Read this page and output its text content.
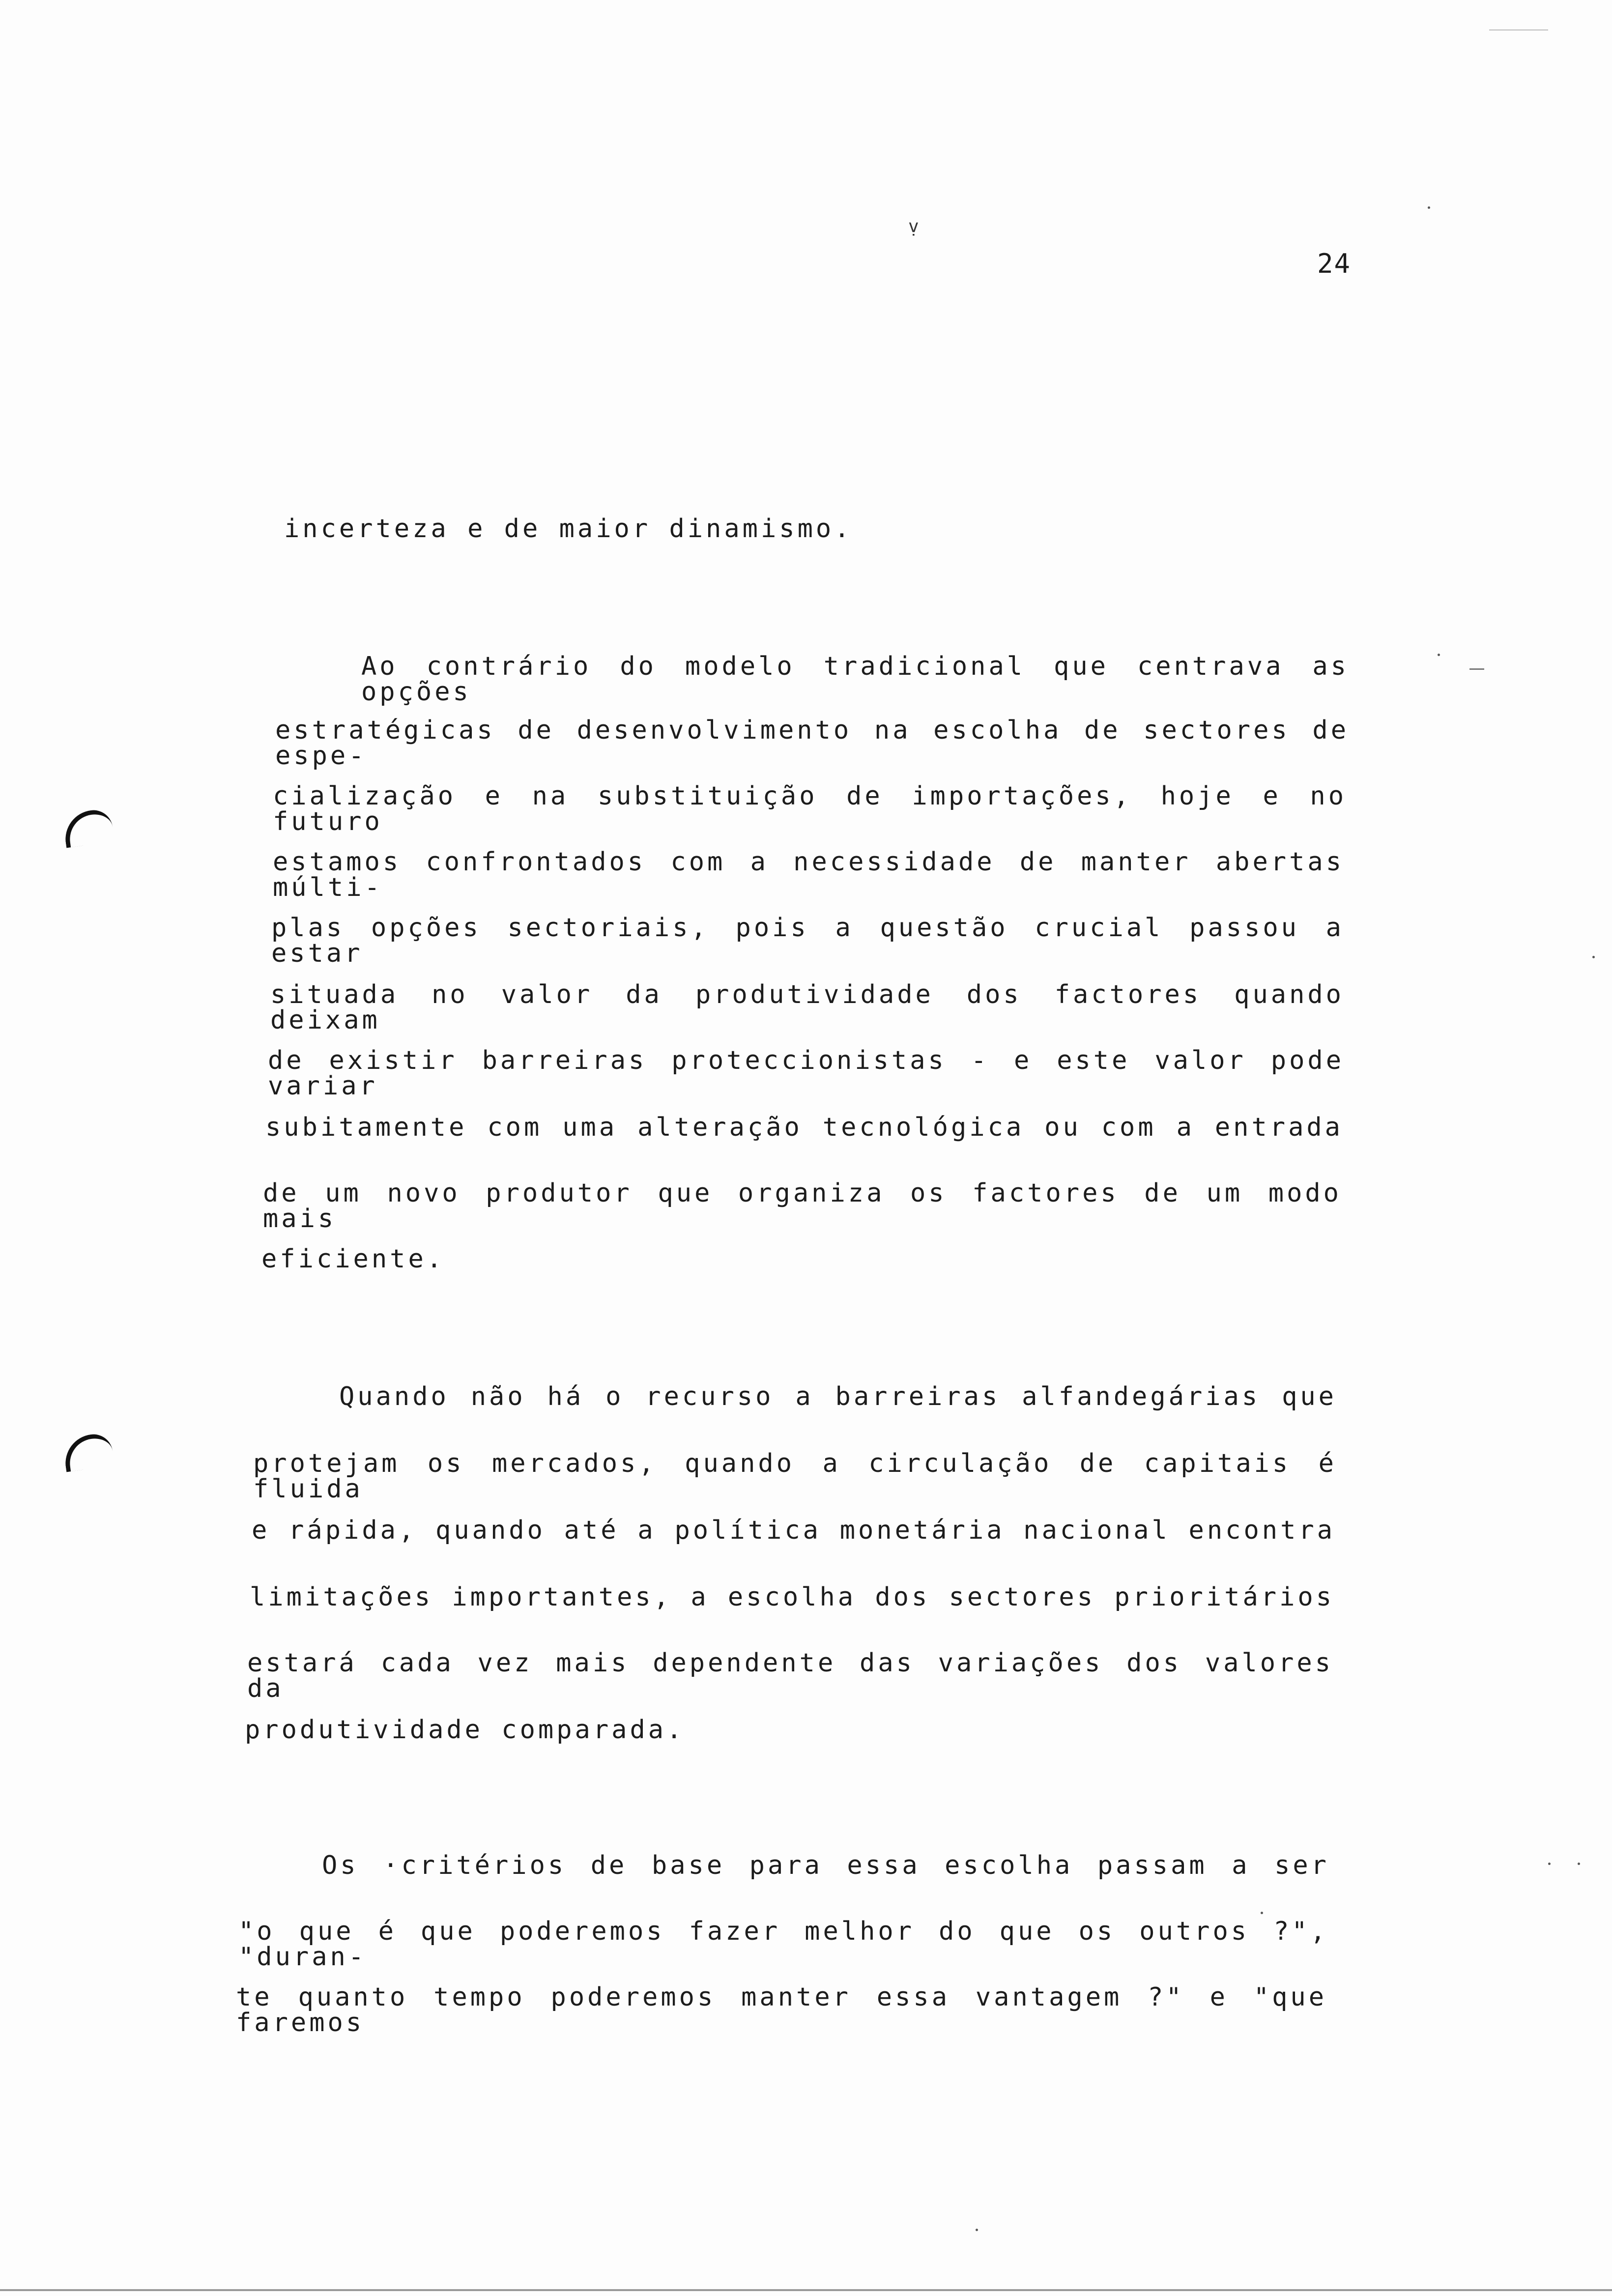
ṿ
24
incerteza e de maior dinamismo.
Ao contrário do modelo tradicional que centrava as opções
estratégicas de desenvolvimento na escolha de sectores de espe-
cialização e na substituição de importações, hoje e no futuro
estamos confrontados com a necessidade de manter abertas múlti-
plas opções sectoriais, pois a questão crucial passou a estar
situada no valor da produtividade dos factores quando deixam
de existir barreiras proteccionistas - e este valor pode variar
subitamente com uma alteração tecnológica ou com a entrada
de um novo produtor que organiza os factores de um modo mais
eficiente.
Quando não há o recurso a barreiras alfandegárias que
protejam os mercados, quando a circulação de capitais é fluida
e rápida, quando até a política monetária nacional encontra
limitações importantes, a escolha dos sectores prioritários
estará cada vez mais dependente das variações dos valores da
produtividade comparada.
Os ·critérios de base para essa escolha passam a ser
"o que é que poderemos fazer melhor do que os outros ?", "duran-
te quanto tempo poderemos manter essa vantagem ?" e "que faremos
